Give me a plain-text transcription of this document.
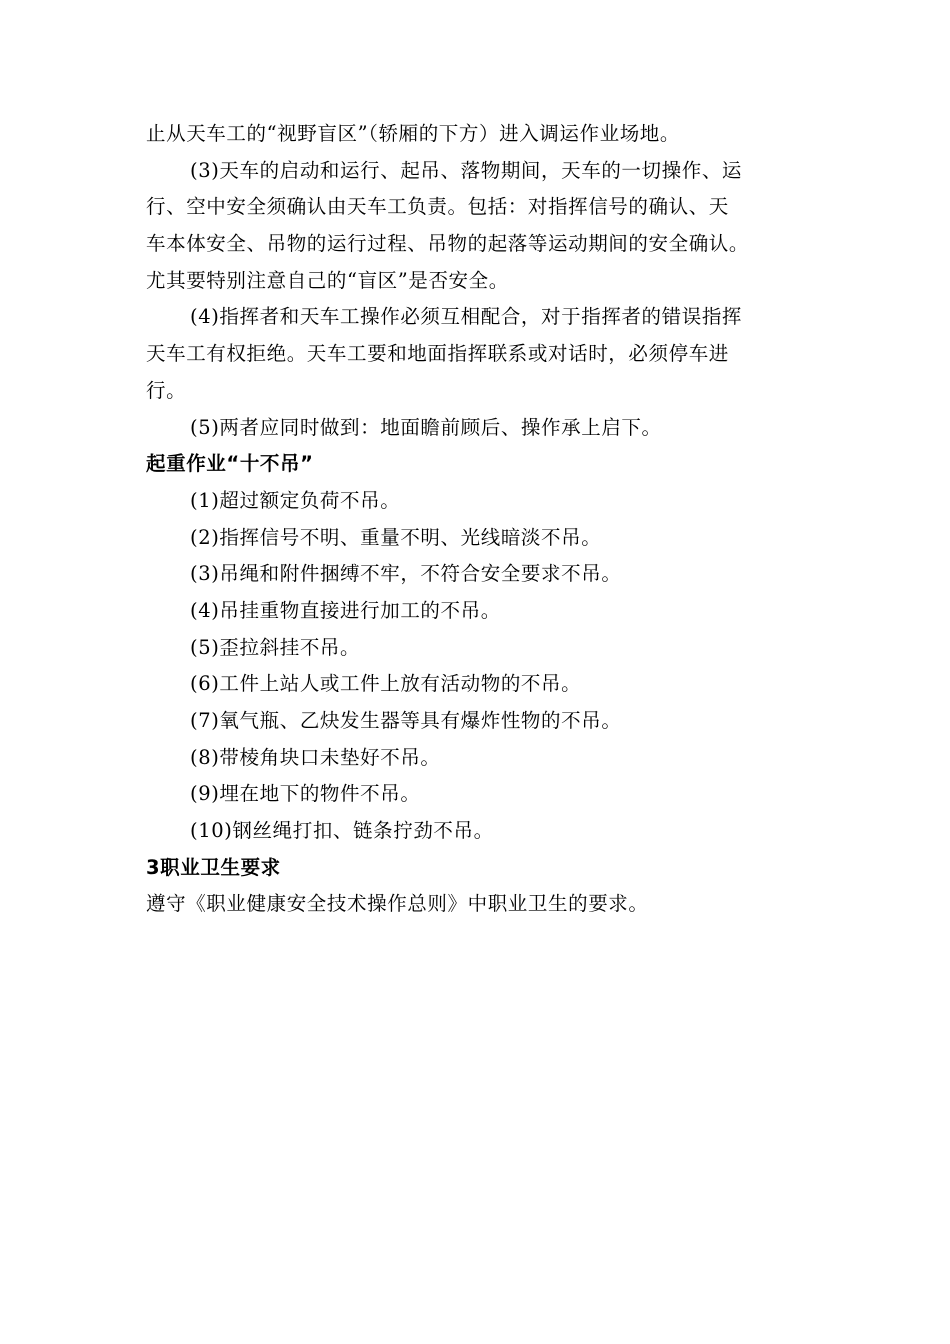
止从天车工的“视野盲区”（轿厢的下方）进入调运作业场地。
(3)天车的启动和运行、起吊、落物期间，天车的一切操作、运
行、空中安全须确认由天车工负责。包括：对指挥信号的确认、天
车本体安全、吊物的运行过程、吊物的起落等运动期间的安全确认。
尤其要特别注意自己的“盲区”是否安全。
(4)指挥者和天车工操作必须互相配合，对于指挥者的错误指挥
天车工有权拒绝。天车工要和地面指挥联系或对话时，必须停车进
行。
(5)两者应同时做到：地面瞻前顾后、操作承上启下。
起重作业“十不吊”
(1)超过额定负荷不吊。
(2)指挥信号不明、重量不明、光线暗淡不吊。
(3)吊绳和附件捆缚不牢，不符合安全要求不吊。
(4)吊挂重物直接进行加工的不吊。
(5)歪拉斜挂不吊。
(6)工件上站人或工件上放有活动物的不吊。
(7)氧气瓶、乙炔发生器等具有爆炸性物的不吊。
(8)带棱角块口未垫好不吊。
(9)埋在地下的物件不吊。
(10)钢丝绳打扣、链条拧劲不吊。
3职业卫生要求
遵守《职业健康安全技术操作总则》中职业卫生的要求。
